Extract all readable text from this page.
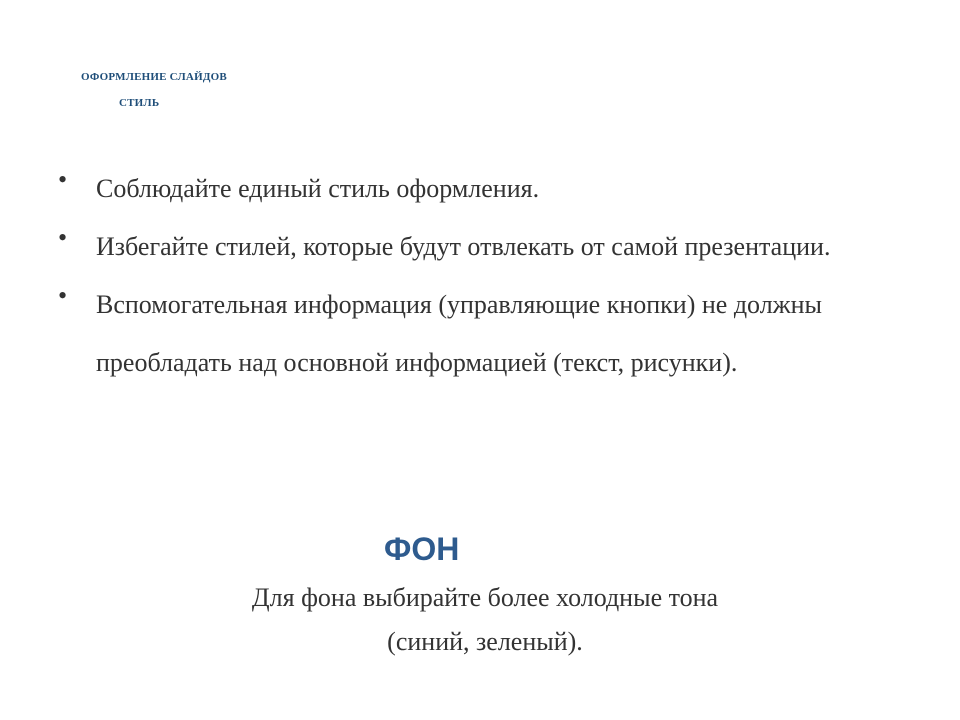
ОФОРМЛЕНИЕ СЛАЙДОВ
СТИЛЬ
• Соблюдайте единый стиль оформления.
• Избегайте стилей, которые будут отвлекать от самой презентации.
• Вспомогательная информация (управляющие кнопки) не должны преобладать над основной информацией (текст, рисунки).
ФОН
Для фона выбирайте более холодные тона
(синий, зеленый).
